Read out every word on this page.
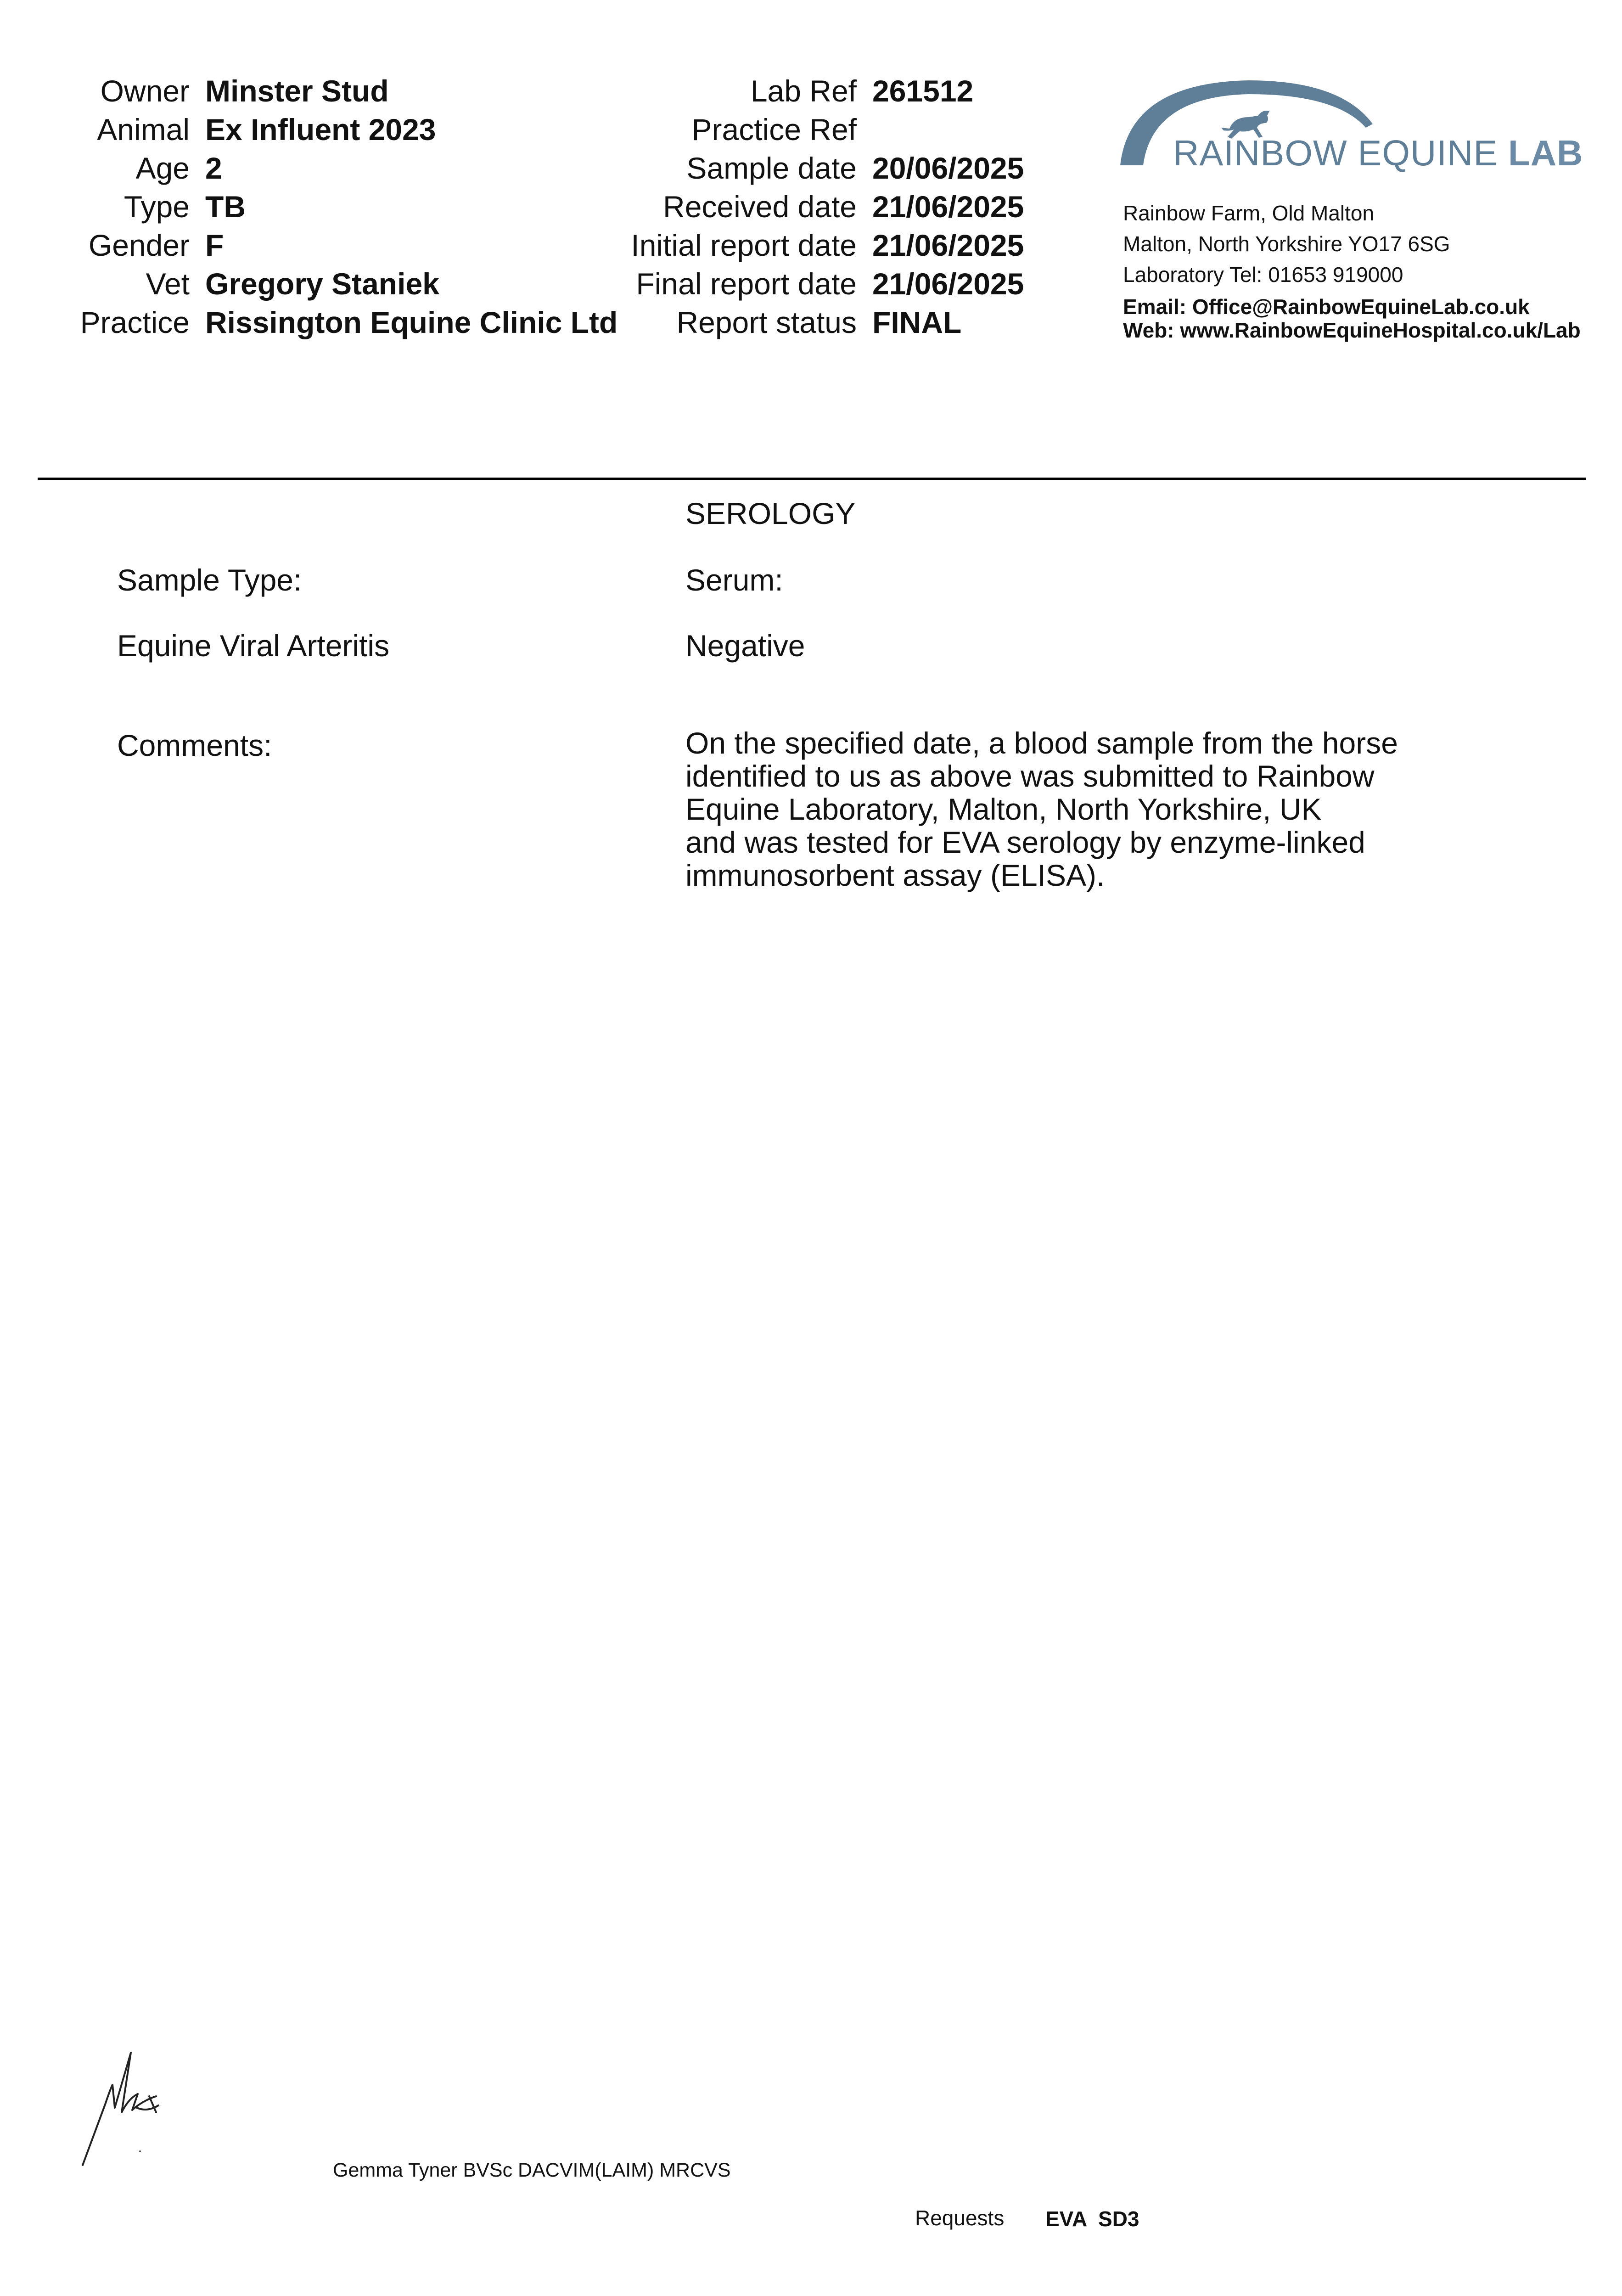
Owner Minster Stud
Animal Ex Influent 2023
Age 2
Type TB
Gender F
Vet Gregory Staniek
Practice Rissington Equine Clinic Ltd
Lab Ref 261512
Practice Ref
Sample date 20/06/2025
Received date 21/06/2025
Initial report date 21/06/2025
Final report date 21/06/2025
Report status FINAL
RAINBOW EQUINE LAB
Rainbow Farm, Old Malton
Malton, North Yorkshire YO17 6SG
Laboratory Tel: 01653 919000
Email: Office@RainbowEquineLab.co.uk
Web: www.RainbowEquineHospital.co.uk/Lab
SEROLOGY
Sample Type:	Serum:
Equine Viral Arteritis	Negative
Comments:	On the specified date, a blood sample from the horse
identified to us as above was submitted to Rainbow
Equine Laboratory, Malton, North Yorkshire, UK
and was tested for EVA serology by enzyme-linked
immunosorbent assay (ELISA).
Gemma Tyner BVSc DACVIM(LAIM) MRCVS
Requests EVA  SD3
